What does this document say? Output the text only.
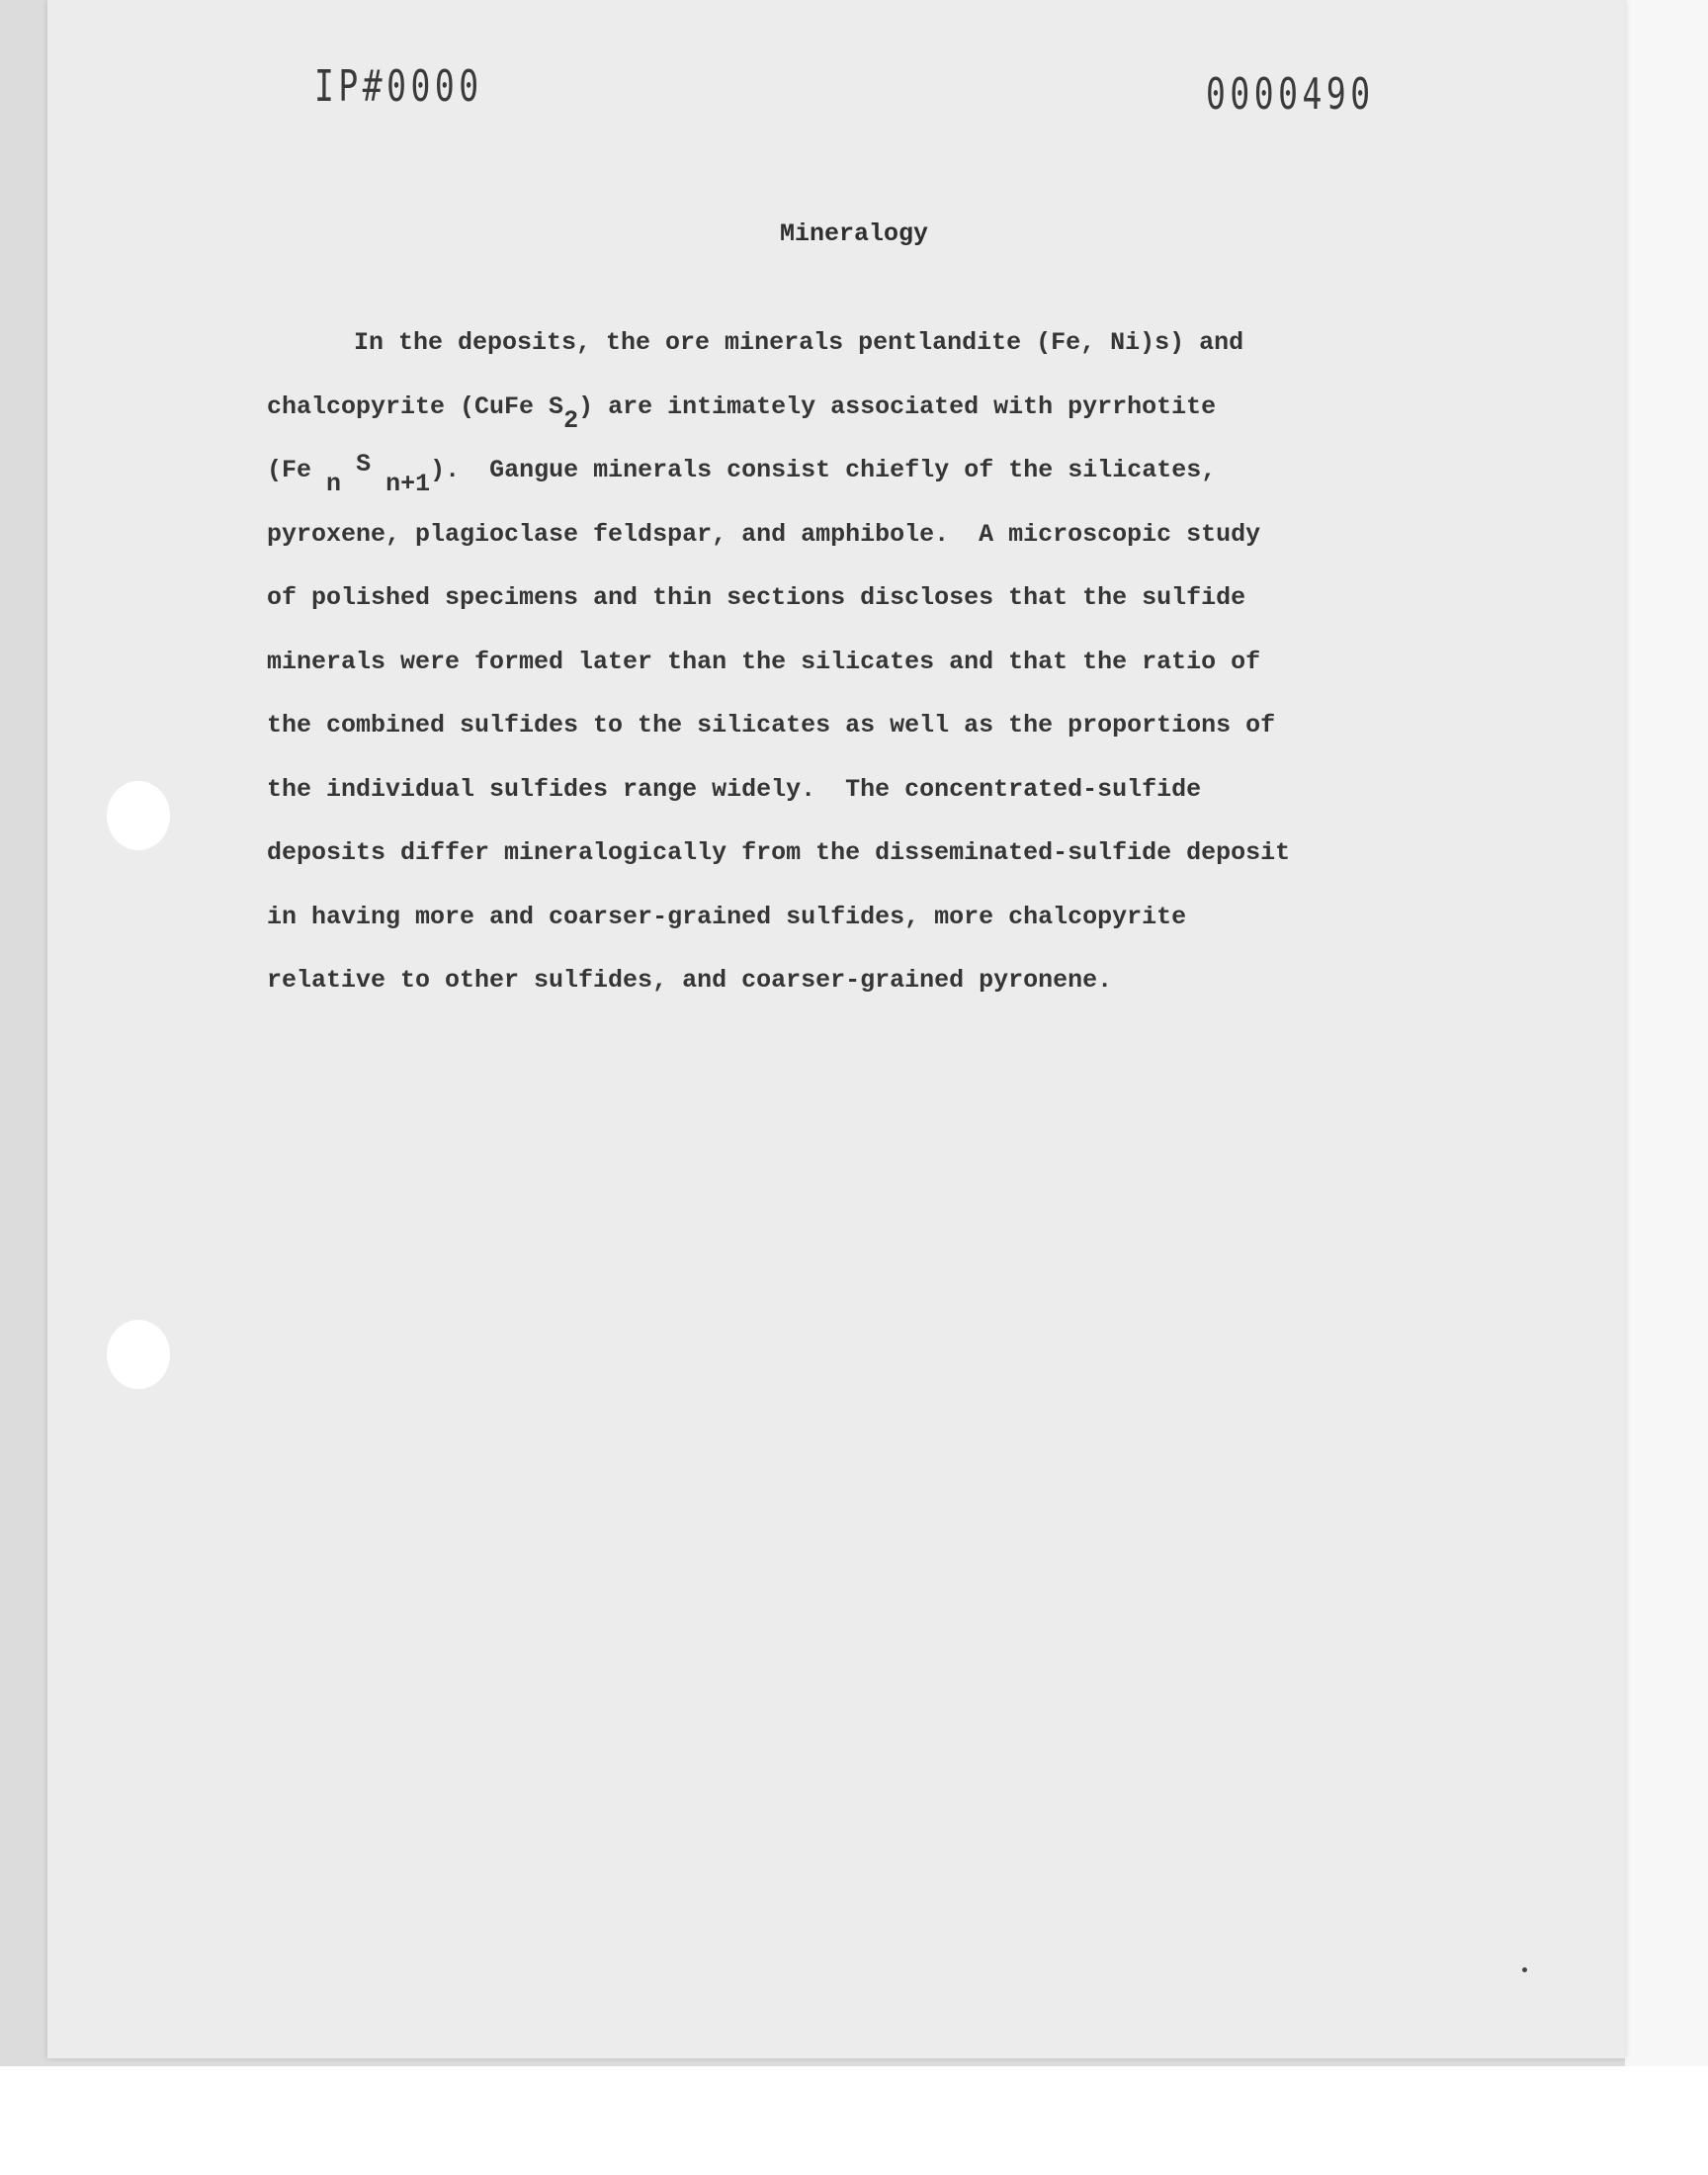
IP#0000	0000490
Mineralogy
In the deposits, the ore minerals pentlandite (Fe, Ni)s) and
chalcopyrite (CuFe S2) are intimately associated with pyrrhotite
(Fe n S n+1).  Gangue minerals consist chiefly of the silicates,
pyroxene, plagioclase feldspar, and amphibole.  A microscopic study
of polished specimens and thin sections discloses that the sulfide
minerals were formed later than the silicates and that the ratio of
the combined sulfides to the silicates as well as the proportions of
the individual sulfides range widely.  The concentrated-sulfide
deposits differ mineralogically from the disseminated-sulfide deposit
in having more and coarser-grained sulfides, more chalcopyrite
relative to other sulfides, and coarser-grained pyronene.
